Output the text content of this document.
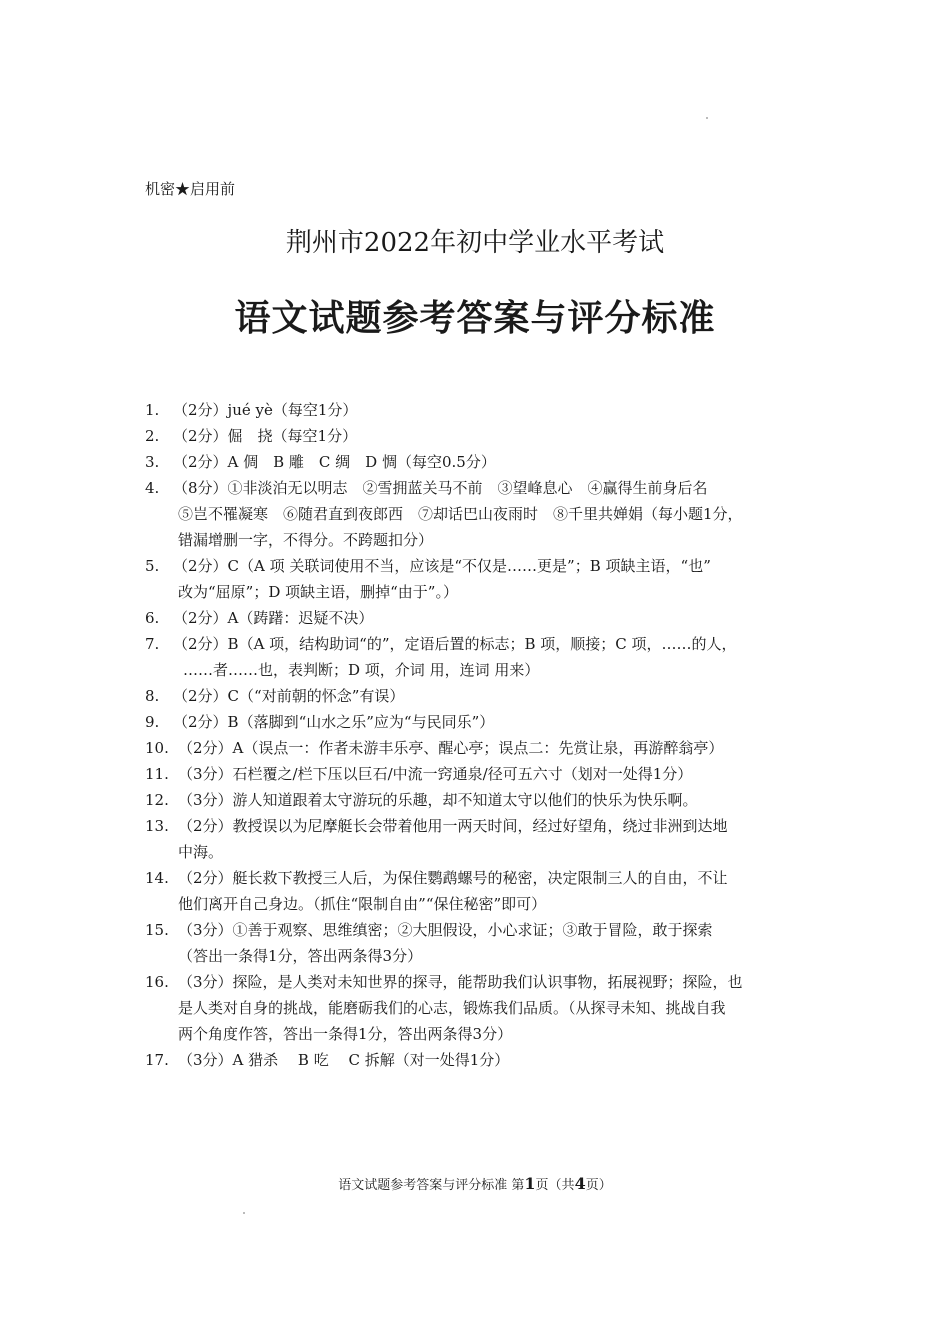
机密★启用前
荆州市2022年初中学业水平考试
语文试题参考答案与评分标准
1. （2分）jué yè（每空1分）
2. （2分）倔　挠（每空1分）
3. （2分）A 倜　B 雕　C 绸　D 惆（每空0.5分）
4. （8分）①非淡泊无以明志　②雪拥蓝关马不前　③望峰息心　④赢得生前身后名
⑤岂不罹凝寒　⑥随君直到夜郎西　⑦却话巴山夜雨时　⑧千里共婵娟（每小题1分，
错漏增删一字，不得分。不跨题扣分）
5. （2分）C（A 项 关联词使用不当，应该是“不仅是……更是”；B 项缺主语，“也”
改为“屈原”；D 项缺主语，删掉“由于”。）
6. （2分）A（踌躇：迟疑不决）
7. （2分）B（A 项，结构助词“的”，定语后置的标志；B 项，顺接；C 项，……的人，
……者……也，表判断；D 项，介词 用，连词 用来）
8. （2分）C（“对前朝的怀念”有误）
9. （2分）B（落脚到“山水之乐”应为“与民同乐”）
10. （2分）A（误点一：作者未游丰乐亭、醒心亭；误点二：先赏让泉，再游醉翁亭）
11. （3分）石栏覆之/栏下压以巨石/中流一窍通泉/径可五六寸（划对一处得1分）
12. （3分）游人知道跟着太守游玩的乐趣，却不知道太守以他们的快乐为快乐啊。
13. （2分）教授误以为尼摩艇长会带着他用一两天时间，经过好望角，绕过非洲到达地
中海。
14. （2分）艇长救下教授三人后，为保住鹦鹉螺号的秘密，决定限制三人的自由，不让
他们离开自己身边。（抓住“限制自由”“保住秘密”即可）
15. （3分）①善于观察、思维缜密；②大胆假设，小心求证；③敢于冒险，敢于探索
（答出一条得1分，答出两条得3分）
16. （3分）探险，是人类对未知世界的探寻，能帮助我们认识事物，拓展视野；探险，也
是人类对自身的挑战，能磨砺我们的心志，锻炼我们品质。（从探寻未知、挑战自我
两个角度作答，答出一条得1分，答出两条得3分）
17. （3分）A 猎杀　 B 吃　 C 拆解（对一处得1分）
语文试题参考答案与评分标准 第1页（共4页）
